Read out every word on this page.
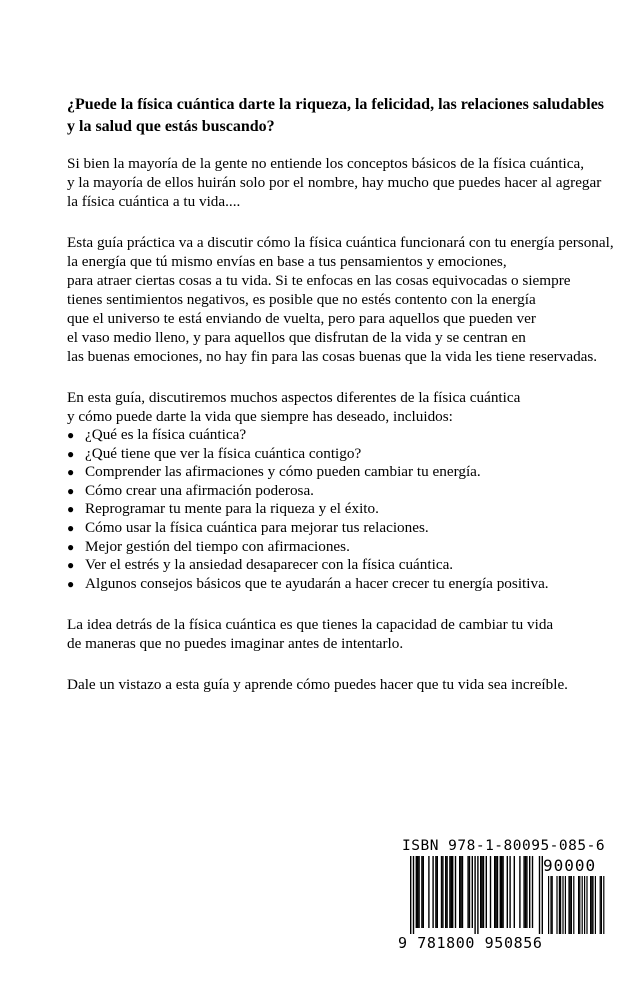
¿Puede la física cuántica darte la riqueza, la felicidad, las relaciones saludables
y la salud que estás buscando?

Si bien la mayoría de la gente no entiende los conceptos básicos de la física cuántica,
y la mayoría de ellos huirán solo por el nombre, hay mucho que puedes hacer al agregar
la física cuántica a tu vida....

Esta guía práctica va a discutir cómo la física cuántica funcionará con tu energía personal,
la energía que tú mismo envías en base a tus pensamientos y emociones,
para atraer ciertas cosas a tu vida. Si te enfocas en las cosas equivocadas o siempre
tienes sentimientos negativos, es posible que no estés contento con la energía
que el universo te está enviando de vuelta, pero para aquellos que pueden ver
el vaso medio lleno, y para aquellos que disfrutan de la vida y se centran en
las buenas emociones, no hay fin para las cosas buenas que la vida les tiene reservadas.

En esta guía, discutiremos muchos aspectos diferentes de la física cuántica
y cómo puede darte la vida que siempre has deseado, incluidos:

● ¿Qué es la física cuántica?
● ¿Qué tiene que ver la física cuántica contigo?
● Comprender las afirmaciones y cómo pueden cambiar tu energía.
● Cómo crear una afirmación poderosa.
● Reprogramar tu mente para la riqueza y el éxito.
● Cómo usar la física cuántica para mejorar tus relaciones.
● Mejor gestión del tiempo con afirmaciones.
● Ver el estrés y la ansiedad desaparecer con la física cuántica.
● Algunos consejos básicos que te ayudarán a hacer crecer tu energía positiva.

La idea detrás de la física cuántica es que tienes la capacidad de cambiar tu vida
de maneras que no puedes imaginar antes de intentarlo.

Dale un vistazo a esta guía y aprende cómo puedes hacer que tu vida sea increíble.

ISBN 978-1-80095-085-6
90000
9 781800 950856
